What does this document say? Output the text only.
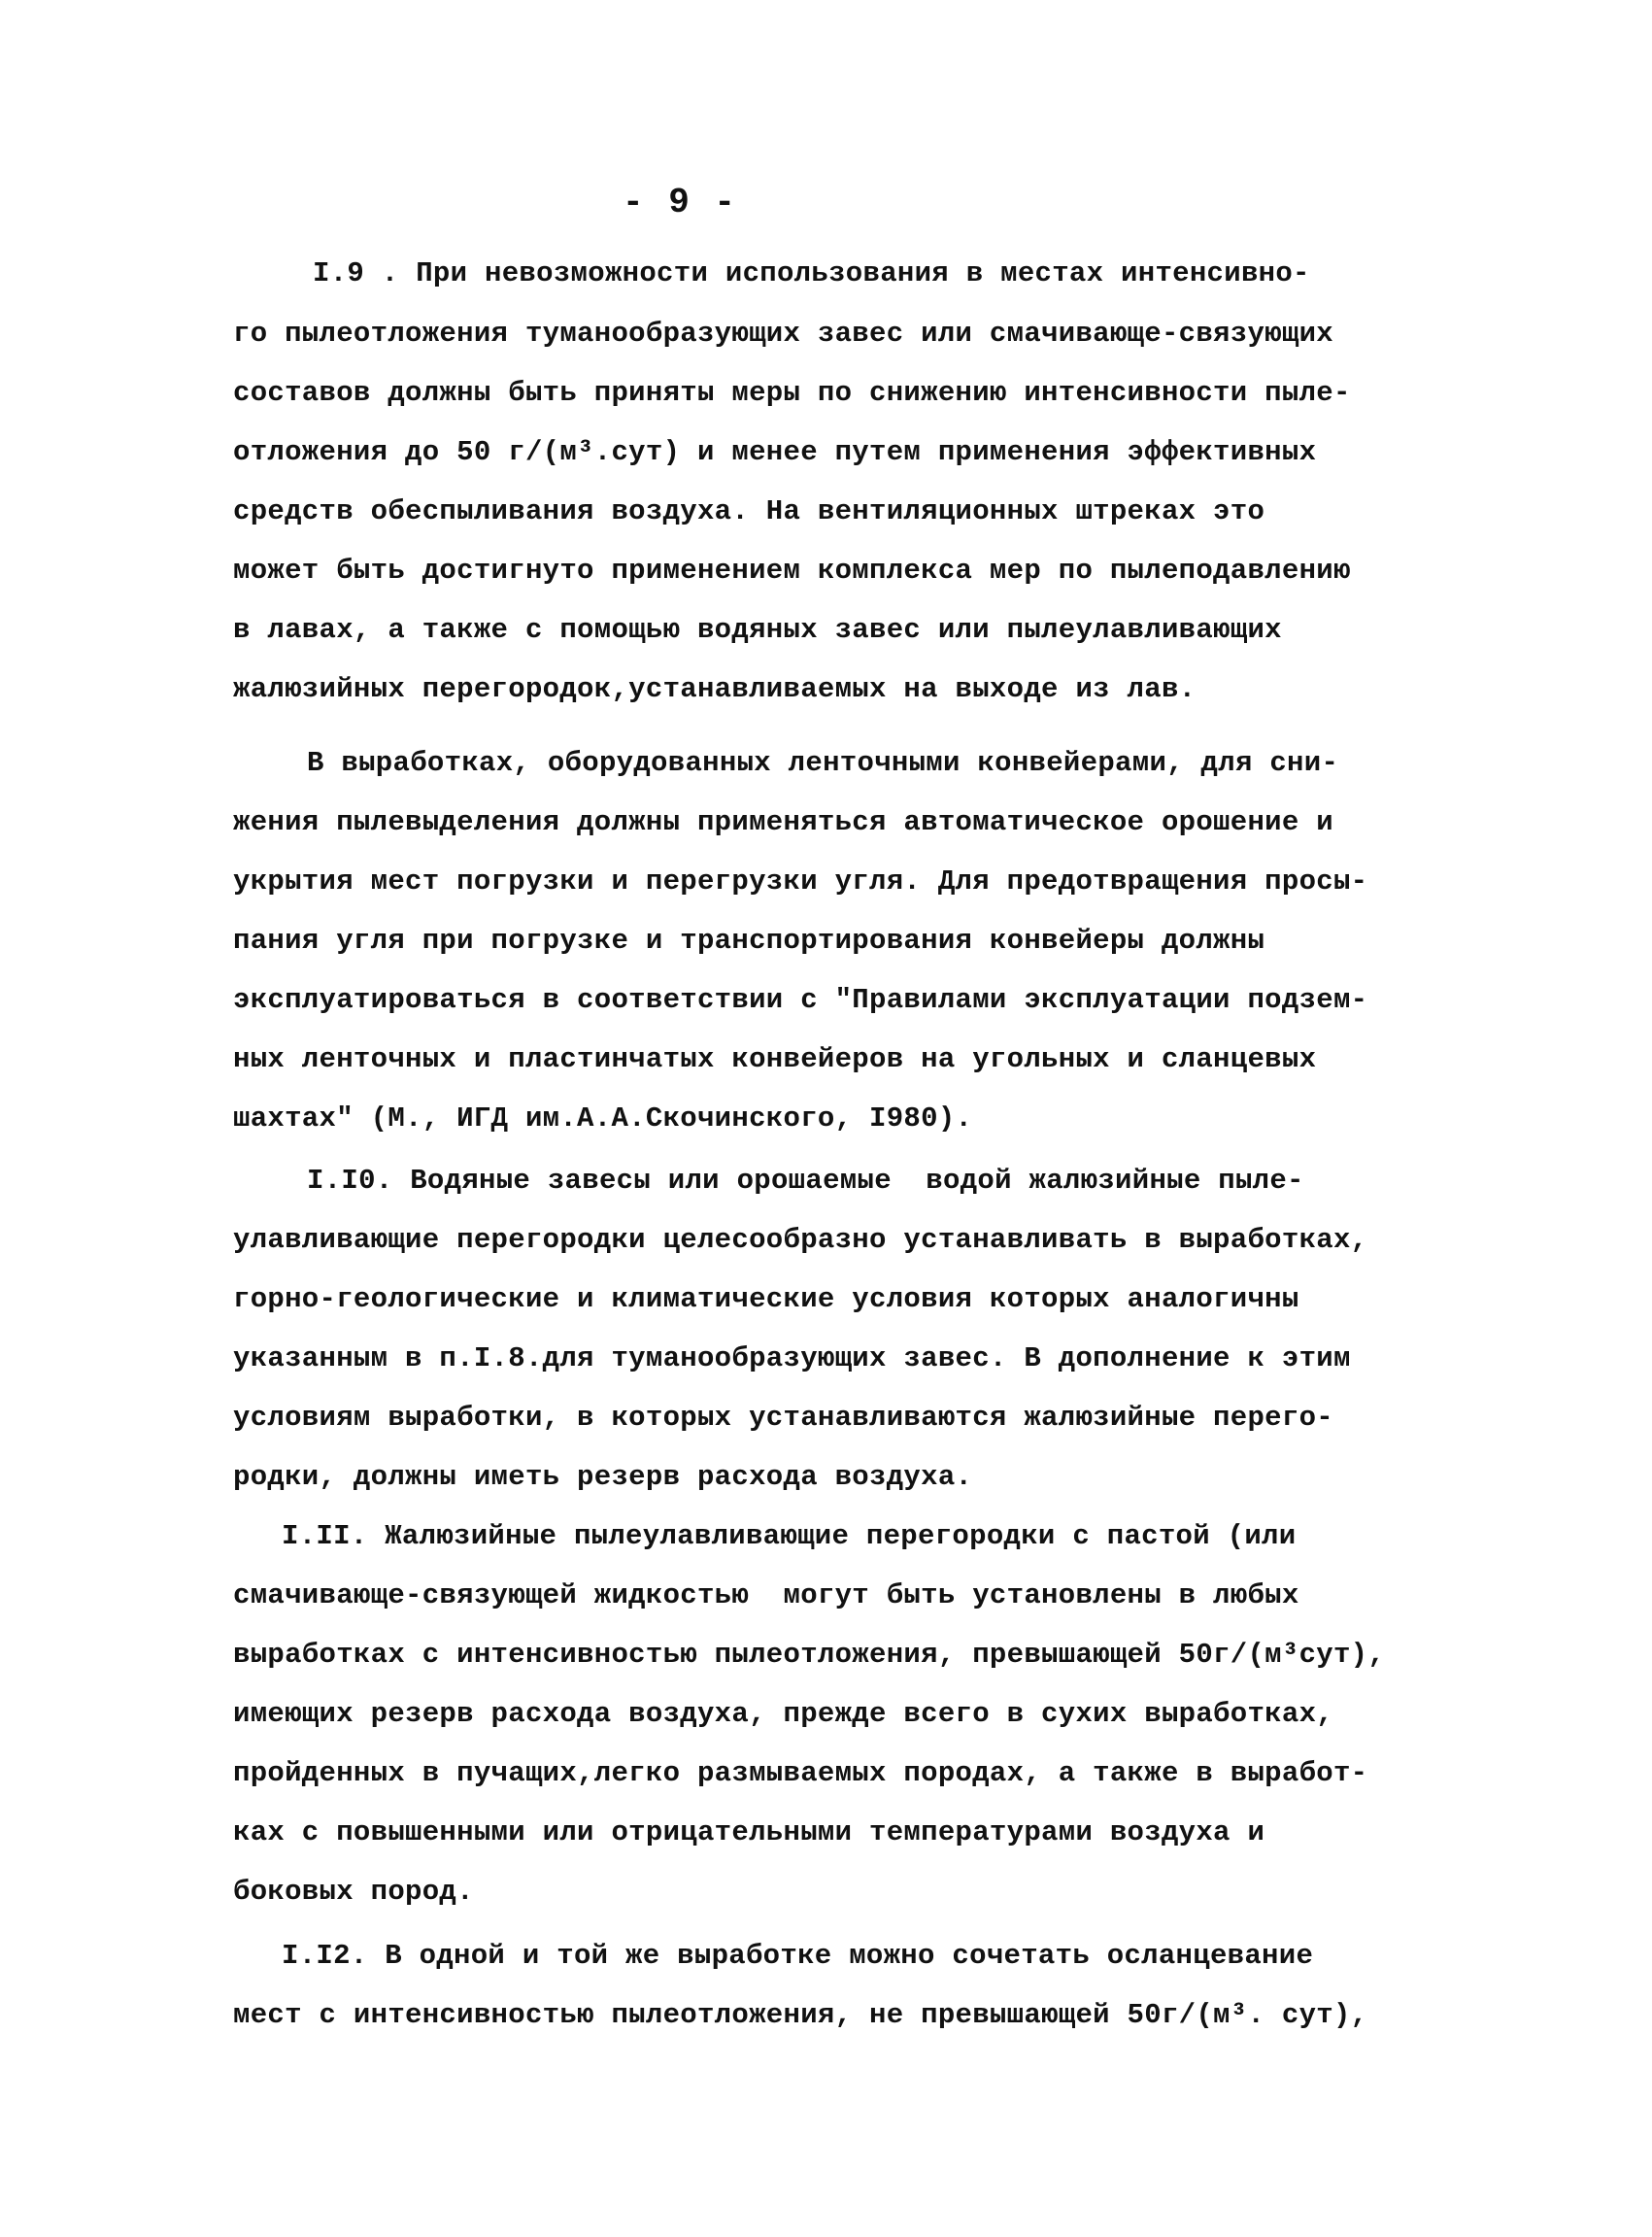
- 9 -
I.9 . При невозможности использования в местах интенсивно-
го пылеотложения туманообразующих завес или смачивающе-связующих
составов должны быть приняты меры по снижению интенсивности пыле-
отложения до 50 г/(м³.сут) и менее путем применения эффективных
средств обеспыливания воздуха. На вентиляционных штреках это
может быть достигнуто применением комплекса мер по пылеподавлению
в лавах, а также с помощью водяных завес или пылеулавливающих
жалюзийных перегородок,устанавливаемых на выходе из лав.
В выработках, оборудованных ленточными конвейерами, для сни-
жения пылевыделения должны применяться автоматическое орошение и
укрытия мест погрузки и перегрузки угля. Для предотвращения просы-
пания угля при погрузке и транспортирования конвейеры должны
эксплуатироваться в соответствии с "Правилами эксплуатации подзем-
ных ленточных и пластинчатых конвейеров на угольных и сланцевых
шахтах" (М., ИГД им.А.А.Скочинского, I980).
I.I0. Водяные завесы или орошаемые  водой жалюзийные пыле-
улавливающие перегородки целесообразно устанавливать в выработках,
горно-геологические и климатические условия которых аналогичны
указанным в п.I.8.для туманообразующих завес. В дополнение к этим
условиям выработки, в которых устанавливаются жалюзийные перего-
родки, должны иметь резерв расхода воздуха.
I.II. Жалюзийные пылеулавливающие перегородки с пастой (или
смачивающе-связующей жидкостью  могут быть установлены в любых
выработках с интенсивностью пылеотложения, превышающей 50г/(м³сут),
имеющих резерв расхода воздуха, прежде всего в сухих выработках,
пройденных в пучащих,легко размываемых породах, а также в выработ-
ках с повышенными или отрицательными температурами воздуха и
боковых пород.
I.I2. В одной и той же выработке можно сочетать осланцевание
мест с интенсивностью пылеотложения, не превышающей 50г/(м³. сут),
